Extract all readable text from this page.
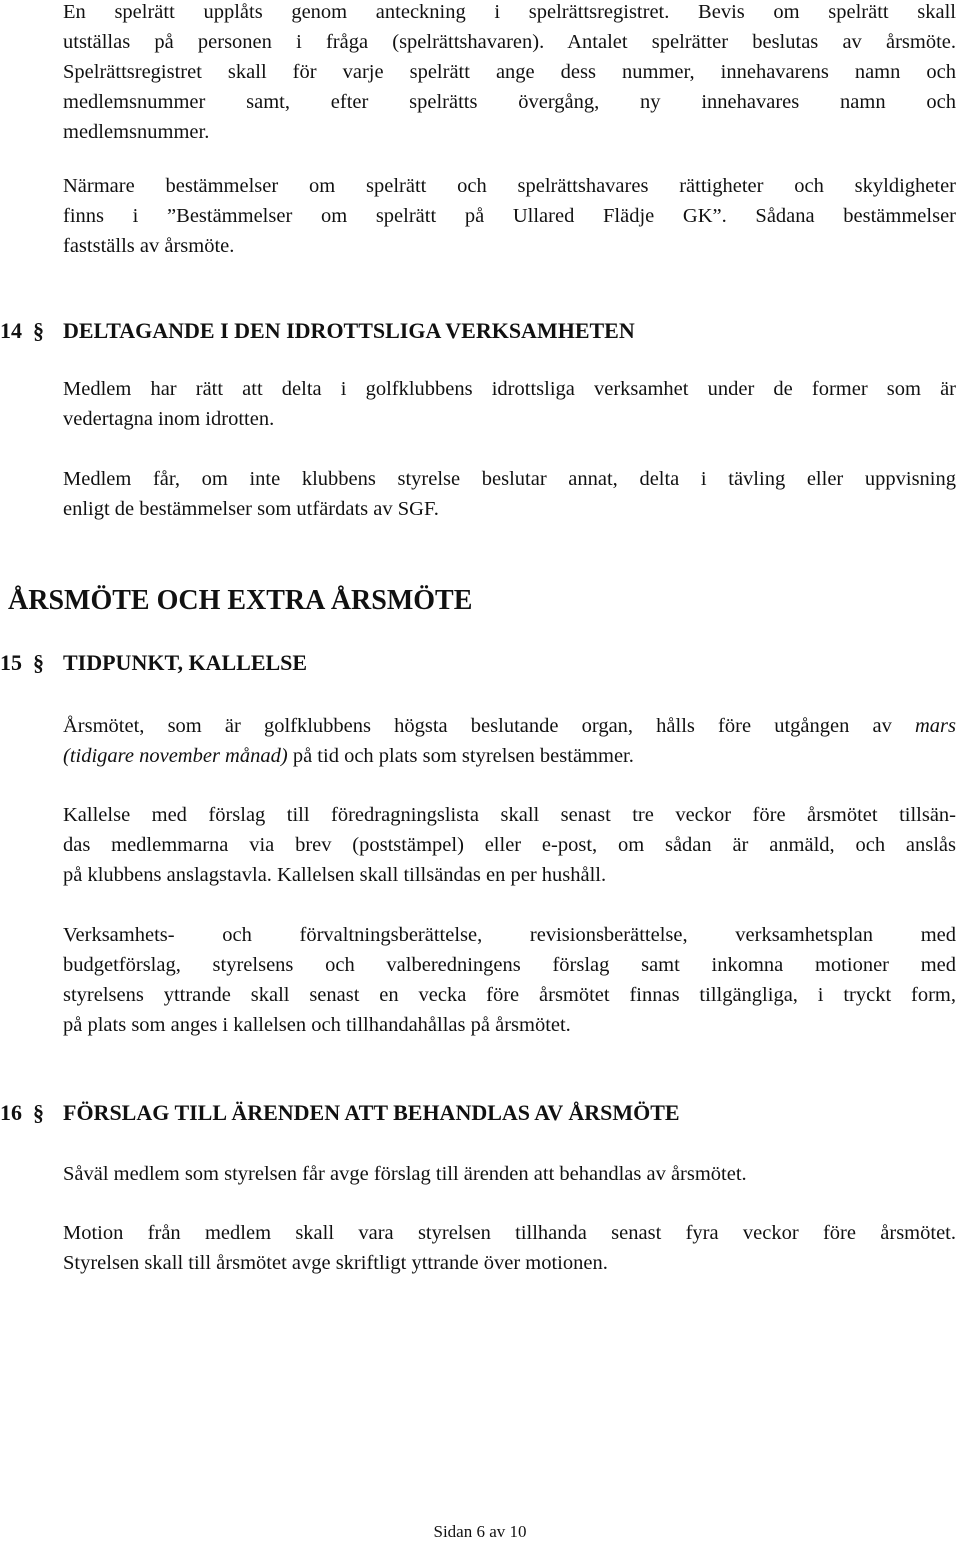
En spelrätt upplåts genom anteckning i spelrättsregistret. Bevis om spelrätt skall
utställas på personen i fråga (spelrättshavaren). Antalet spelrätter beslutas av årsmöte.
Spelrättsregistret skall för varje spelrätt ange dess nummer, innehavarens namn och
medlemsnummer samt, efter spelrätts övergång, ny innehavares namn och
medlemsnummer.
Närmare bestämmelser om spelrätt och spelrättshavares rättigheter och skyldigheter
finns i ”Bestämmelser om spelrätt på Ullared Flädje GK”. Sådana bestämmelser
fastställs av årsmöte.
14 § DELTAGANDE I DEN IDROTTSLIGA VERKSAMHETEN
Medlem har rätt att delta i golfklubbens idrottsliga verksamhet under de former som är
vedertagna inom idrotten.
Medlem får, om inte klubbens styrelse beslutar annat, delta i tävling eller uppvisning
enligt de bestämmelser som utfärdats av SGF.
ÅRSMÖTE OCH EXTRA ÅRSMÖTE
15 § TIDPUNKT, KALLELSE
Årsmötet, som är golfklubbens högsta beslutande organ, hålls före utgången av mars
(tidigare november månad) på tid och plats som styrelsen bestämmer.
Kallelse med förslag till föredragningslista skall senast tre veckor före årsmötet tillsän-
das medlemmarna via brev (poststämpel) eller e-post, om sådan är anmäld, och anslås
på klubbens anslagstavla. Kallelsen skall tillsändas en per hushåll.
Verksamhets- och förvaltningsberättelse, revisionsberättelse, verksamhetsplan med
budgetförslag, styrelsens och valberedningens förslag samt inkomna motioner med
styrelsens yttrande skall senast en vecka före årsmötet finnas tillgängliga, i tryckt form,
på plats som anges i kallelsen och tillhandahållas på årsmötet.
16 § FÖRSLAG TILL ÄRENDEN ATT BEHANDLAS AV ÅRSMÖTE
Såväl medlem som styrelsen får avge förslag till ärenden att behandlas av årsmötet.
Motion från medlem skall vara styrelsen tillhanda senast fyra veckor före årsmötet.
Styrelsen skall till årsmötet avge skriftligt yttrande över motionen.
Sidan 6 av 10
